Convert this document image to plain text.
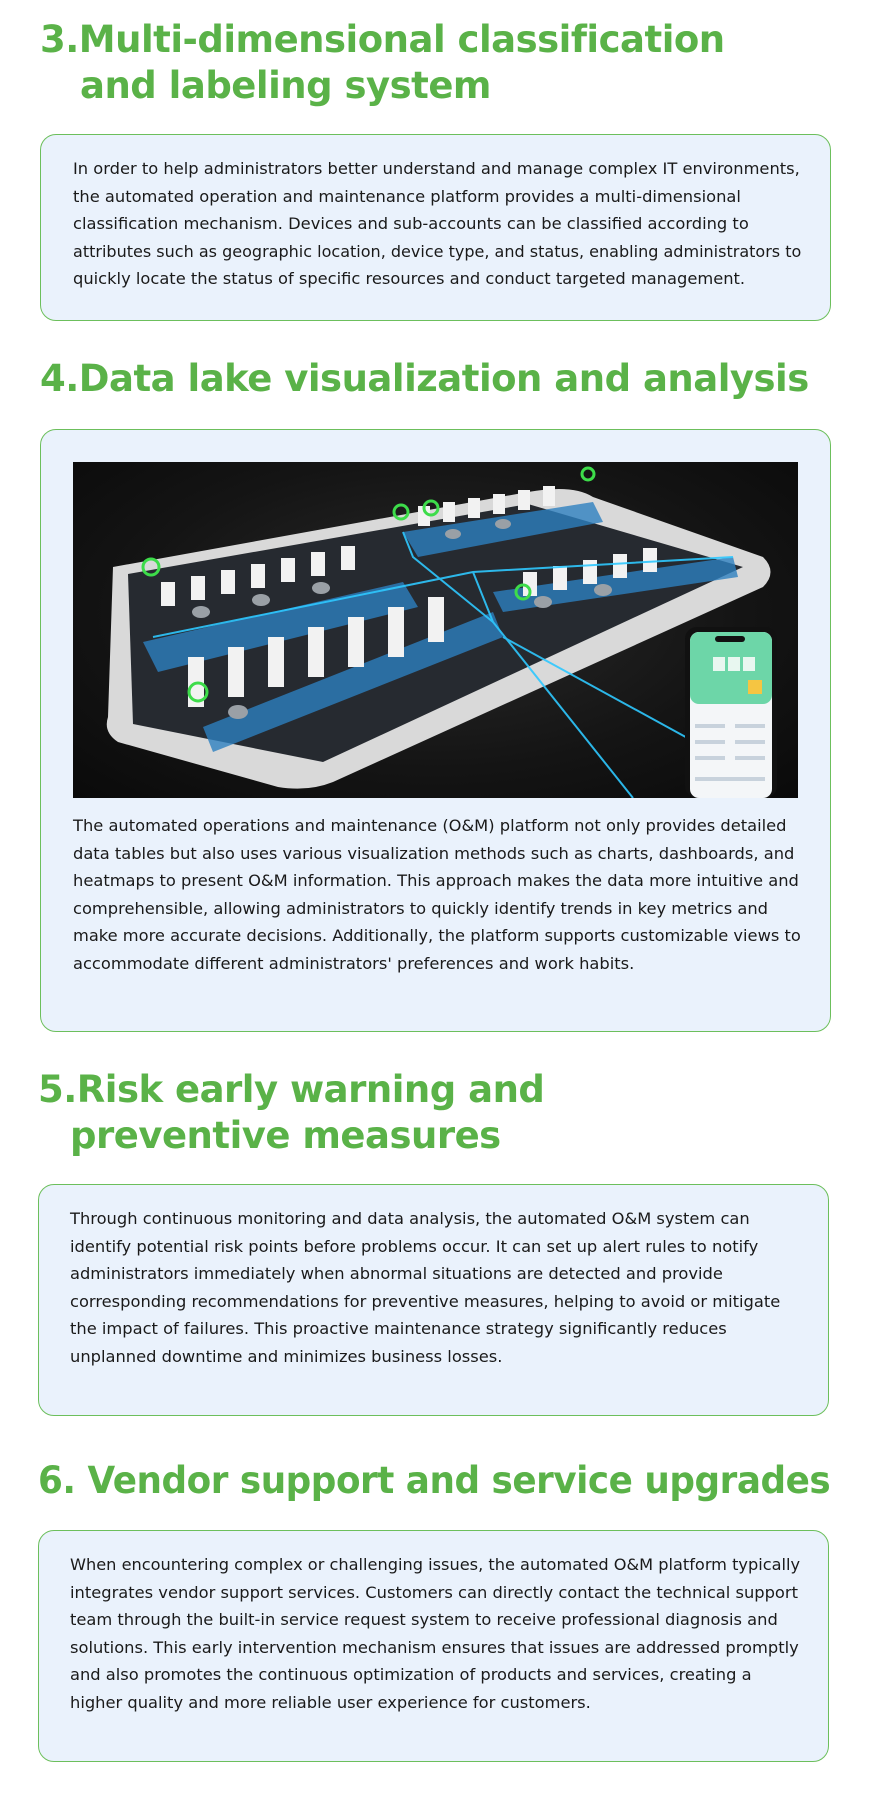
3.Multi-dimensional classification
and labeling system
In order to help administrators better understand and manage complex IT environments,
the automated operation and maintenance platform provides a multi-dimensional
classification mechanism. Devices and sub-accounts can be classified according to
attributes such as geographic location, device type, and status, enabling administrators to
quickly locate the status of specific resources and conduct targeted management.
4.Data lake visualization and analysis
The automated operations and maintenance (O&M) platform not only provides detailed
data tables but also uses various visualization methods such as charts, dashboards, and
heatmaps to present O&M information. This approach makes the data more intuitive and
comprehensible, allowing administrators to quickly identify trends in key metrics and
make more accurate decisions. Additionally, the platform supports customizable views to
accommodate different administrators' preferences and work habits.
5.Risk early warning and
preventive measures
Through continuous monitoring and data analysis, the automated O&M system can
identify potential risk points before problems occur. It can set up alert rules to notify
administrators immediately when abnormal situations are detected and provide
corresponding recommendations for preventive measures, helping to avoid or mitigate
the impact of failures. This proactive maintenance strategy significantly reduces
unplanned downtime and minimizes business losses.
6. Vendor support and service upgrades
When encountering complex or challenging issues, the automated O&M platform typically
integrates vendor support services. Customers can directly contact the technical support
team through the built-in service request system to receive professional diagnosis and
solutions. This early intervention mechanism ensures that issues are addressed promptly
and also promotes the continuous optimization of products and services, creating a
higher quality and more reliable user experience for customers.
